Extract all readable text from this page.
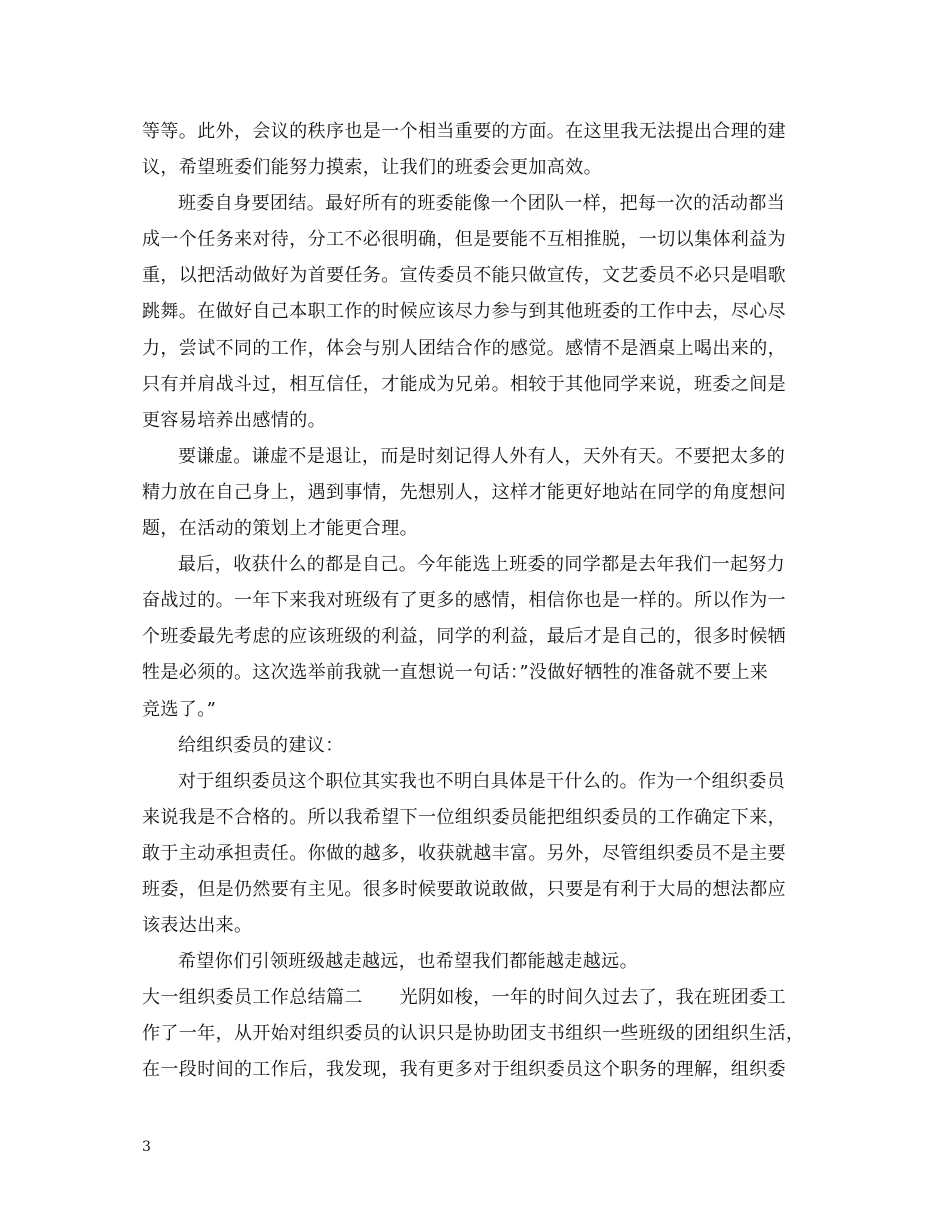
等等。此外，会议的秩序也是一个相当重要的方面。在这里我无法提出合理的建
议，希望班委们能努力摸索，让我们的班委会更加高效。
班委自身要团结。最好所有的班委能像一个团队一样，把每一次的活动都当
成一个任务来对待，分工不必很明确，但是要能不互相推脱，一切以集体利益为
重，以把活动做好为首要任务。宣传委员不能只做宣传，文艺委员不必只是唱歌
跳舞。在做好自己本职工作的时候应该尽力参与到其他班委的工作中去，尽心尽
力，尝试不同的工作，体会与别人团结合作的感觉。感情不是酒桌上喝出来的，
只有并肩战斗过，相互信任，才能成为兄弟。相较于其他同学来说，班委之间是
更容易培养出感情的。
要谦虚。谦虚不是退让，而是时刻记得人外有人，天外有天。不要把太多的
精力放在自己身上，遇到事情，先想别人，这样才能更好地站在同学的角度想问
题，在活动的策划上才能更合理。
最后，收获什么的都是自己。今年能选上班委的同学都是去年我们一起努力
奋战过的。一年下来我对班级有了更多的感情，相信你也是一样的。所以作为一
个班委最先考虑的应该班级的利益，同学的利益，最后才是自己的，很多时候牺
牲是必须的。这次选举前我就一直想说一句话：”没做好牺牲的准备就不要上来
竞选了。”
给组织委员的建议：
对于组织委员这个职位其实我也不明白具体是干什么的。作为一个组织委员
来说我是不合格的。所以我希望下一位组织委员能把组织委员的工作确定下来，
敢于主动承担责任。你做的越多，收获就越丰富。另外，尽管组织委员不是主要
班委，但是仍然要有主见。很多时候要敢说敢做，只要是有利于大局的想法都应
该表达出来。
希望你们引领班级越走越远，也希望我们都能越走越远。
大一组织委员工作总结篇二　　光阴如梭，一年的时间久过去了，我在班团委工
作了一年，从开始对组织委员的认识只是协助团支书组织一些班级的团组织生活，
在一段时间的工作后，我发现，我有更多对于组织委员这个职务的理解，组织委
3
